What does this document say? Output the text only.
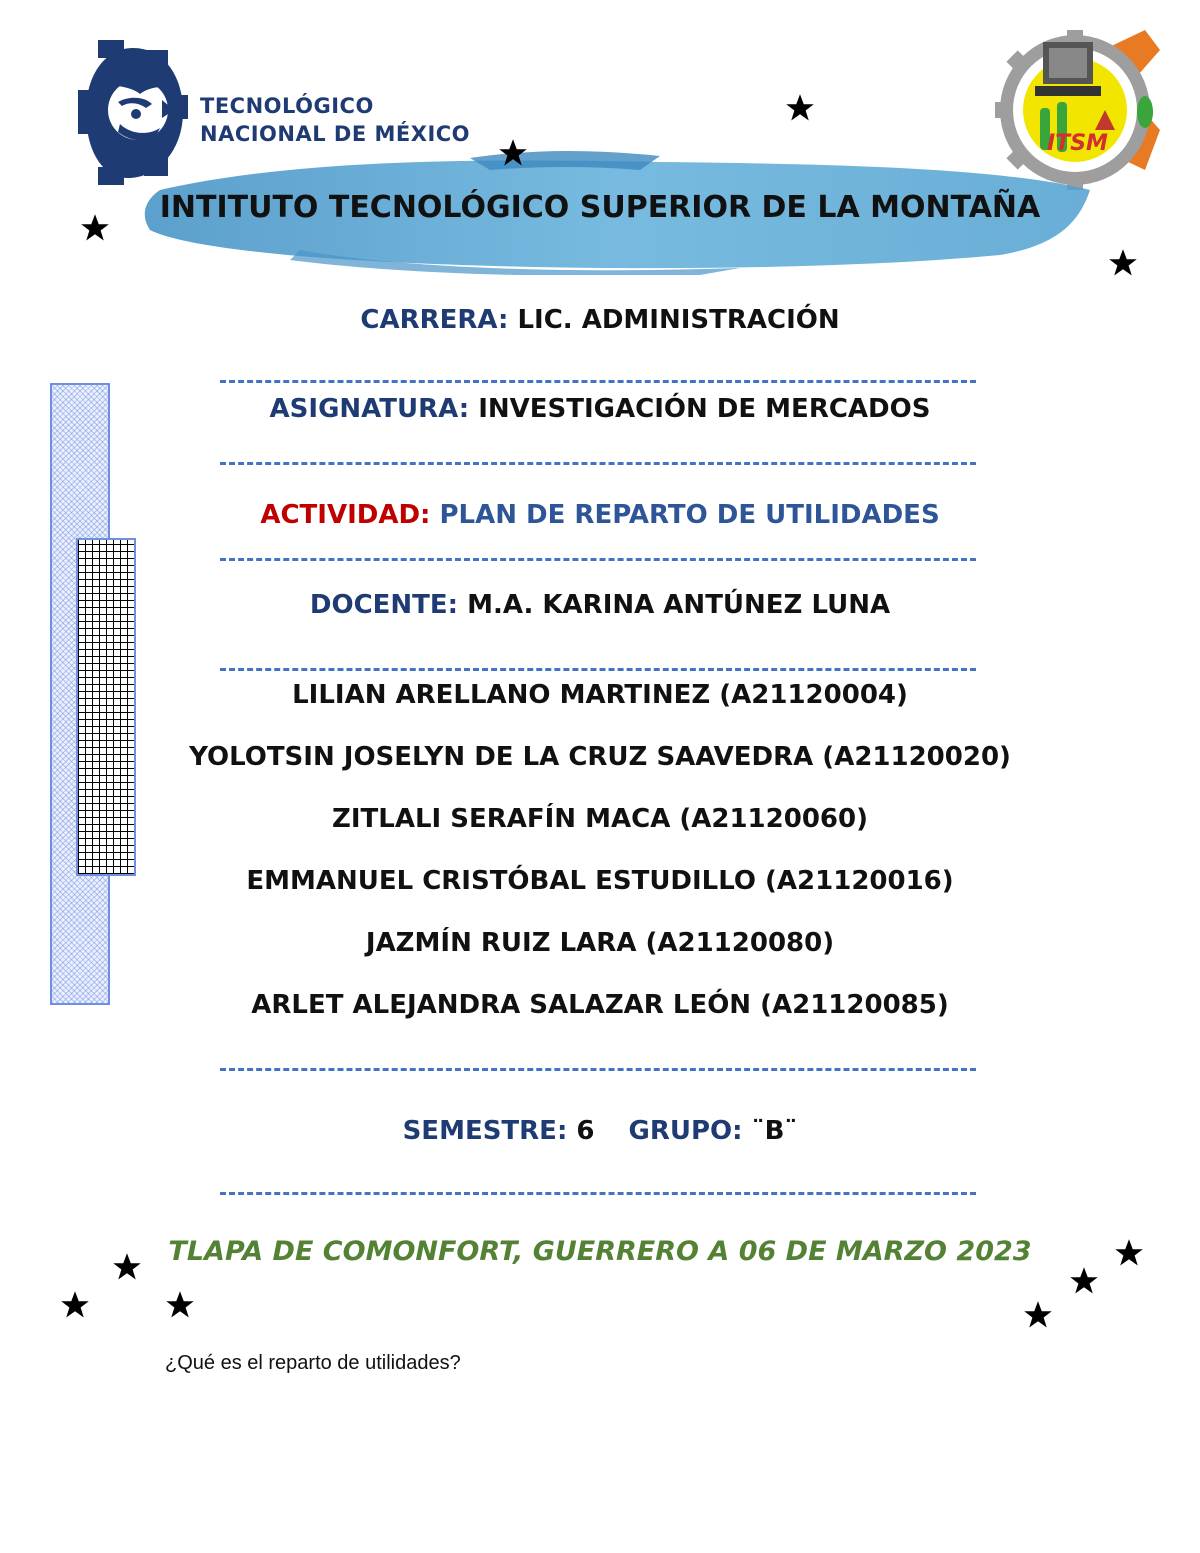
TECNOLÓGICO
NACIONAL DE MÉXICO	ITSM
INTITUTO TECNOLÓGICO SUPERIOR DE LA MONTAÑA
CARRERA: LIC. ADMINISTRACIÓN
ASIGNATURA: INVESTIGACIÓN DE MERCADOS
ACTIVIDAD: PLAN DE REPARTO DE UTILIDADES
DOCENTE: M.A. KARINA ANTÚNEZ LUNA
LILIAN ARELLANO MARTINEZ (A21120004)
YOLOTSIN JOSELYN DE LA CRUZ SAAVEDRA (A21120020)
ZITLALI SERAFÍN MACA (A21120060)
EMMANUEL CRISTÓBAL ESTUDILLO (A21120016)
JAZMÍN RUIZ LARA (A21120080)
ARLET ALEJANDRA SALAZAR LEÓN (A21120085)
SEMESTRE: 6 GRUPO: ¨B¨
TLAPA DE COMONFORT, GUERRERO A 06 DE MARZO 2023
¿Qué es el reparto de utilidades?
